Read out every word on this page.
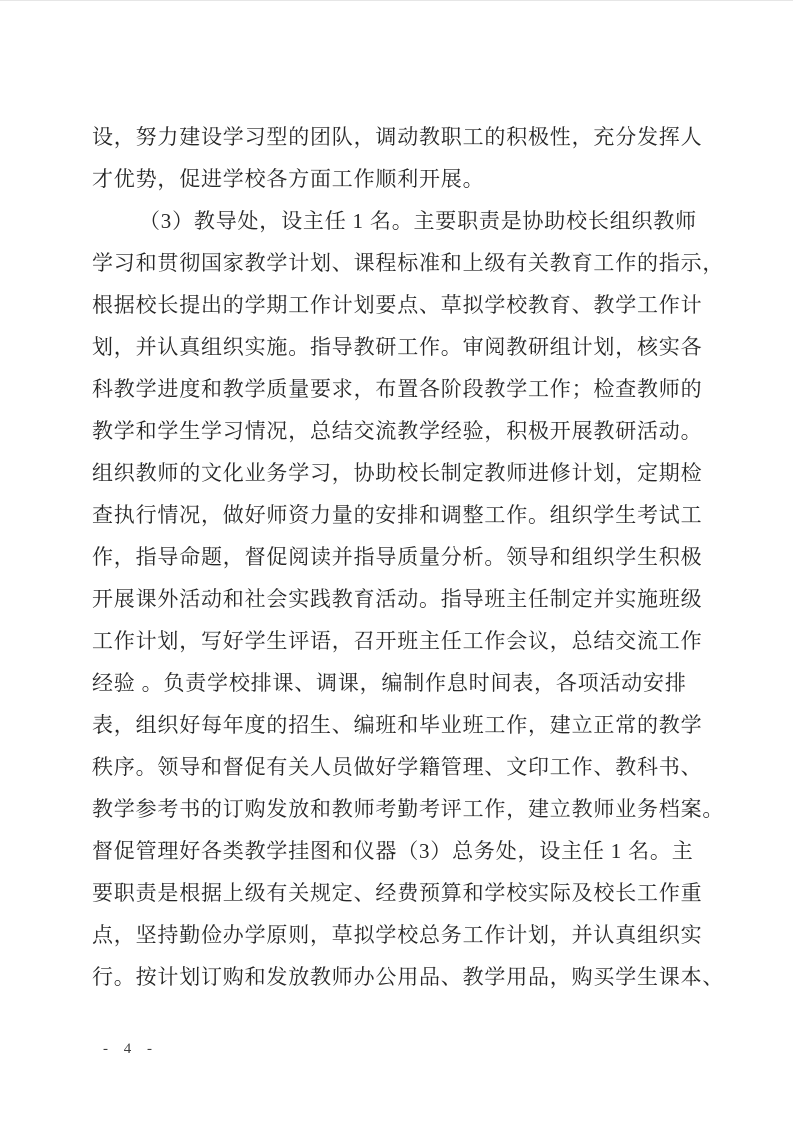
设，努力建设学习型的团队，调动教职工的积极性，充分发挥人
才优势，促进学校各方面工作顺利开展。
（3）教导处，设主任 1 名。主要职责是协助校长组织教师
学习和贯彻国家教学计划、课程标准和上级有关教育工作的指示，
根据校长提出的学期工作计划要点、草拟学校教育、教学工作计
划，并认真组织实施。指导教研工作。审阅教研组计划，核实各
科教学进度和教学质量要求，布置各阶段教学工作；检查教师的
教学和学生学习情况，总结交流教学经验，积极开展教研活动。
组织教师的文化业务学习，协助校长制定教师进修计划，定期检
查执行情况，做好师资力量的安排和调整工作。组织学生考试工
作，指导命题，督促阅读并指导质量分析。领导和组织学生积极
开展课外活动和社会实践教育活动。指导班主任制定并实施班级
工作计划，写好学生评语，召开班主任工作会议，总结交流工作
经验 。负责学校排课、调课，编制作息时间表，各项活动安排
表，组织好每年度的招生、编班和毕业班工作，建立正常的教学
秩序。领导和督促有关人员做好学籍管理、文印工作、教科书、
教学参考书的订购发放和教师考勤考评工作，建立教师业务档案。
督促管理好各类教学挂图和仪器（3）总务处，设主任 1 名。主
要职责是根据上级有关规定、经费预算和学校实际及校长工作重
点，坚持勤俭办学原则，草拟学校总务工作计划，并认真组织实
行。按计划订购和发放教师办公用品、教学用品，购买学生课本、
- 4 -
